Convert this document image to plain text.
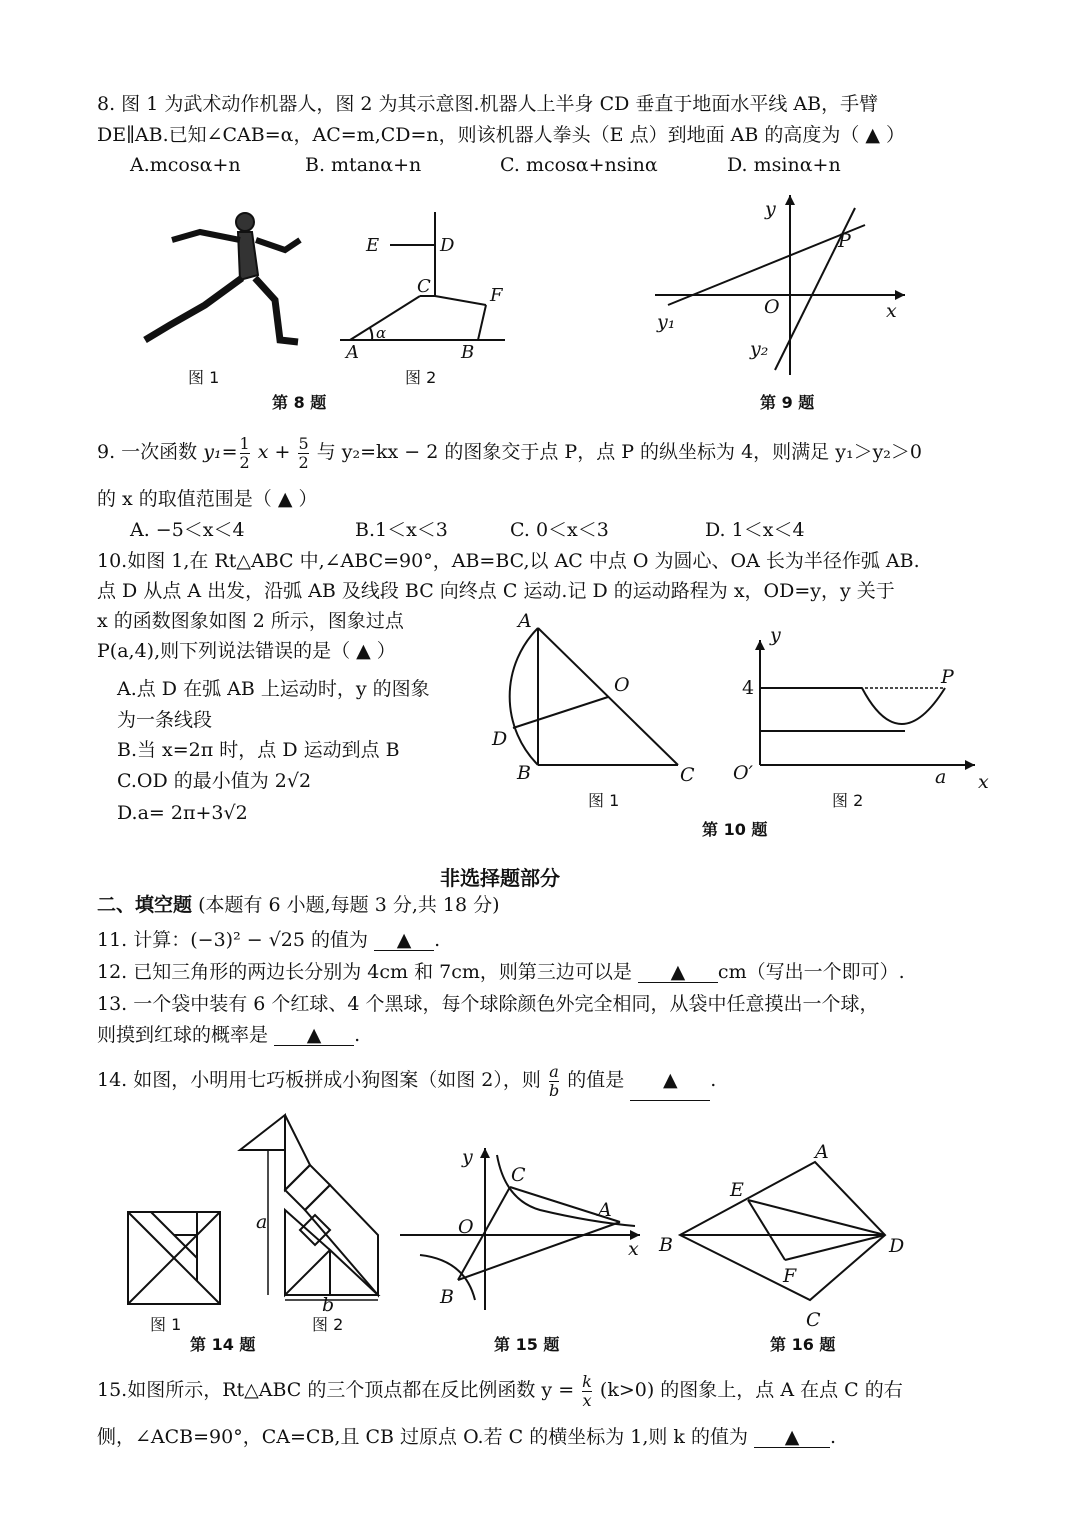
8. 图 1 为武术动作机器人，图 2 为其示意图.机器人上半身 CD 垂直于地面水平线 AB，手臂
DE∥AB.已知∠CAB=α，AC=m,CD=n，则该机器人拳头（E 点）到地面 AB 的高度为（ ▲ ）
A.mcosα+n	B. mtanα+n	C. mcosα+nsinα	D. msinα+n
E	D
C	F
A
α
B
图 1	图 2
第 8 题
y
P
O	x
y₁
y₂
第 9 题
9. 一次函数 $y_1= \frac{1}{2}$ $x + \frac{5}{2}$ 与 y₂=kx − 2 的图象交于点 P，点 P 的纵坐标为 4，则满足 y₁＞y₂＞0
的 x 的取值范围是（ ▲ ）
A. −5＜x＜4	B.1＜x＜3	C. 0＜x＜3	D. 1＜x＜4
10.如图 1,在 Rt△ABC 中,∠ABC=90°，AB=BC,以 AC 中点 O 为圆心、OA 长为半径作弧 AB.
点 D 从点 A 出发，沿弧 AB 及线段 BC 向终点 C 运动.记 D 的运动路程为 x，OD=y，y 关于
x 的函数图象如图 2 所示，图象过点
P(a,4),则下列说法错误的是（ ▲ ）
A.点 D 在弧 AB 上运动时，y 的图象
为一条线段
B.当 x=2π 时，点 D 运动到点 B
C.OD 的最小值为 2√2
D.a= 2π+3√2
A
O
D
B	C
图 1
y
4	P
O′	a x
图 2
第 10 题
非选择题部分
二、填空题 (本题有 6 小题,每题 3 分,共 18 分)
11. 计算：(−3)² − √25 的值为 ▲ .
12. 已知三角形的两边长分别为 4cm 和 7cm，则第三边可以是 ▲ cm（写出一个即可）.
13. 一个袋中装有 6 个红球、4 个黑球，每个球除颜色外完全相同，从袋中任意摸出一个球，
则摸到红球的概率是 ▲ .
14. 如图，小明用七巧板拼成小狗图案（如图 2），则 $\frac{a}{b}$ 的值是 ▲ .
a
b
图 1	图 2
第 14 题
y
C
A
O
x
B
第 15 题
A
E
B	D
F
C
第 16 题
15.如图所示，Rt△ABC 的三个顶点都在反比例函数 $y = \frac{k}{x} (k>0)$ 的图象上，点 A 在点 C 的右
侧，∠ACB=90°，CA=CB,且 CB 过原点 O.若 C 的横坐标为 1,则 k 的值为 ▲ .
